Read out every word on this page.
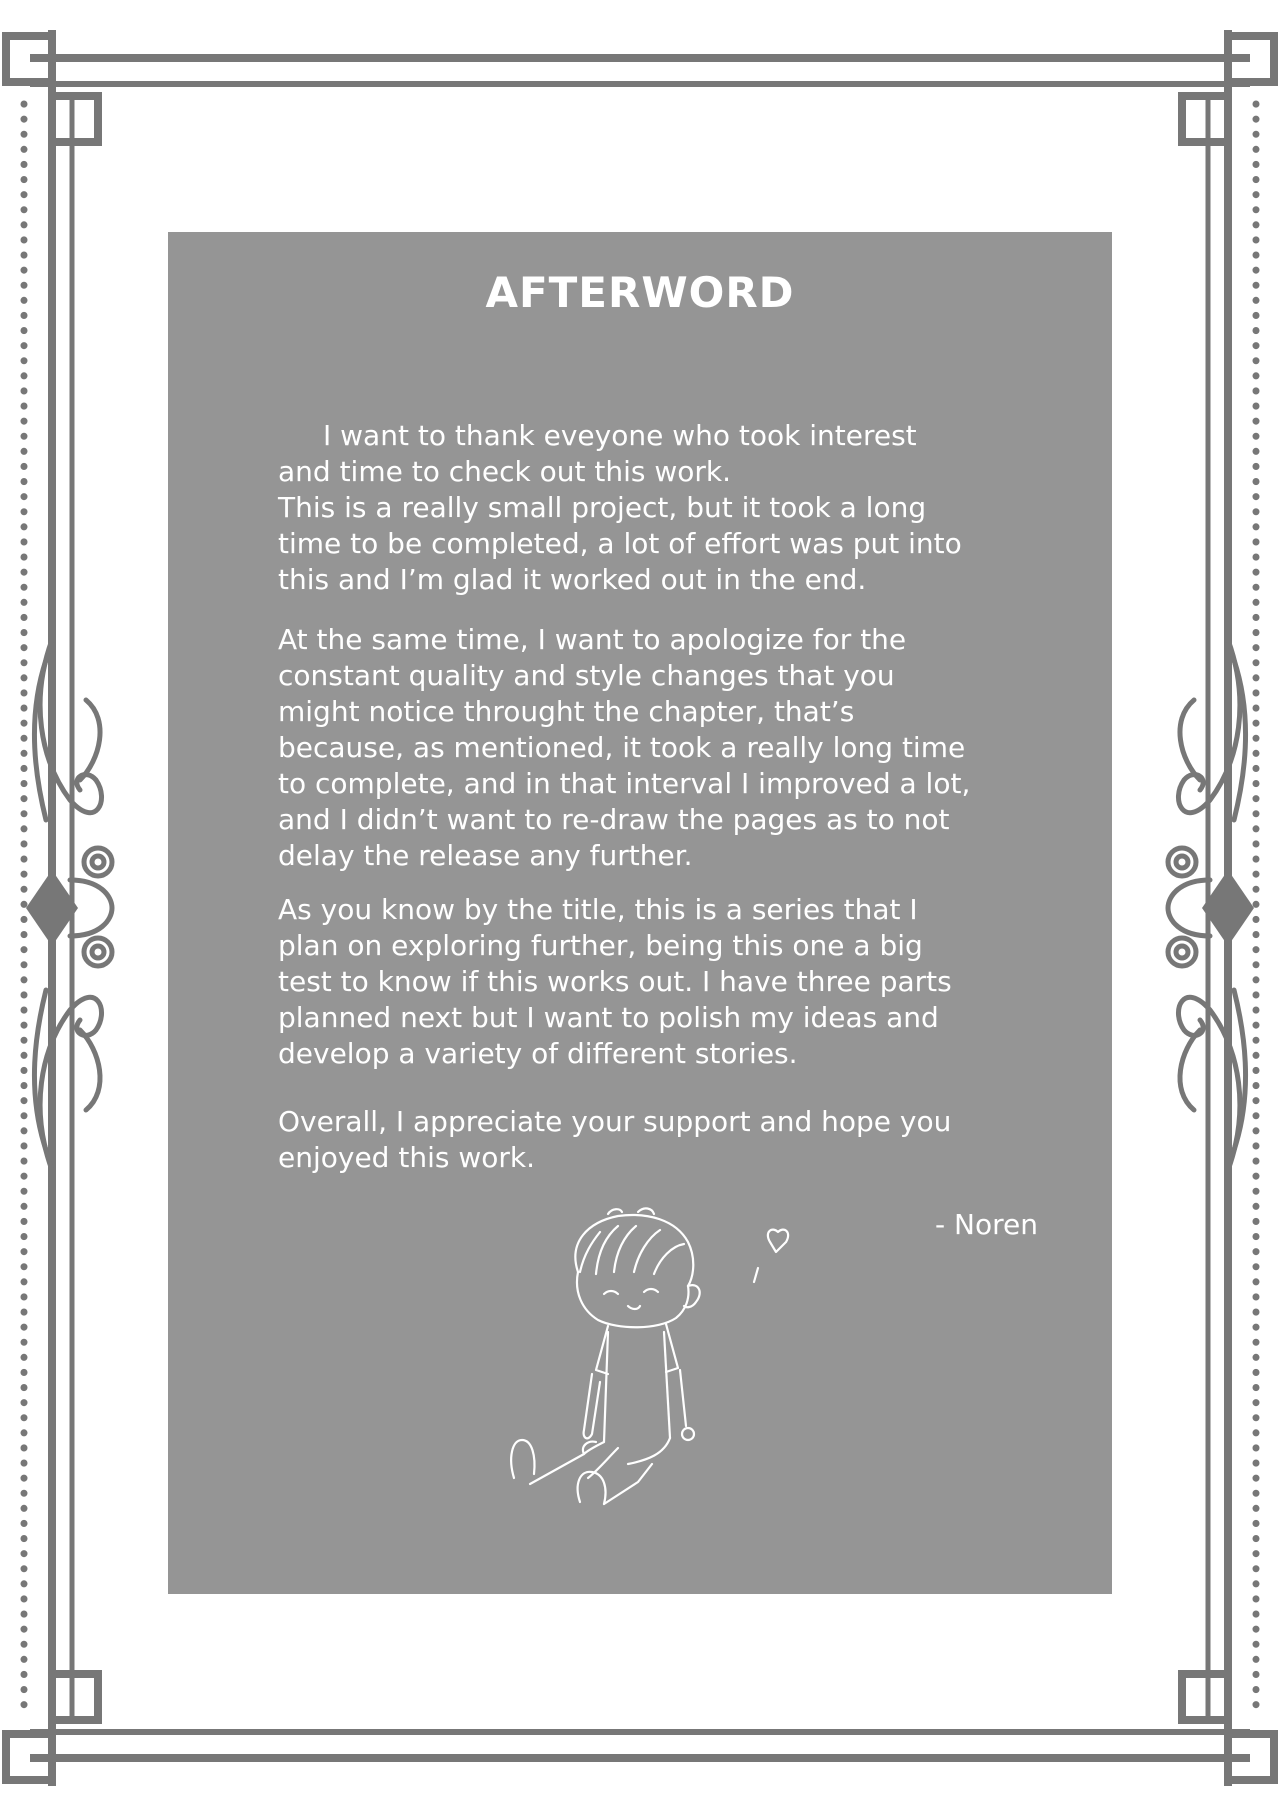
AFTERWORD
I want to thank eveyone who took interest
and time to check out this work.
This is a really small project, but it took a long
time to be completed, a lot of effort was put into
this and I’m glad it worked out in the end.
At the same time, I want to apologize for the
constant quality and style changes that you
might notice throught the chapter, that’s
because, as mentioned, it took a really long time
to complete, and in that interval I improved a lot,
and I didn’t want to re-draw the pages as to not
delay the release any further.
As you know by the title, this is a series that I
plan on exploring further, being this one a big
test to know if this works out. I have three parts
planned next but I want to polish my ideas and
develop a variety of different stories.
Overall, I appreciate your support and hope you
enjoyed this work.
- Noren
